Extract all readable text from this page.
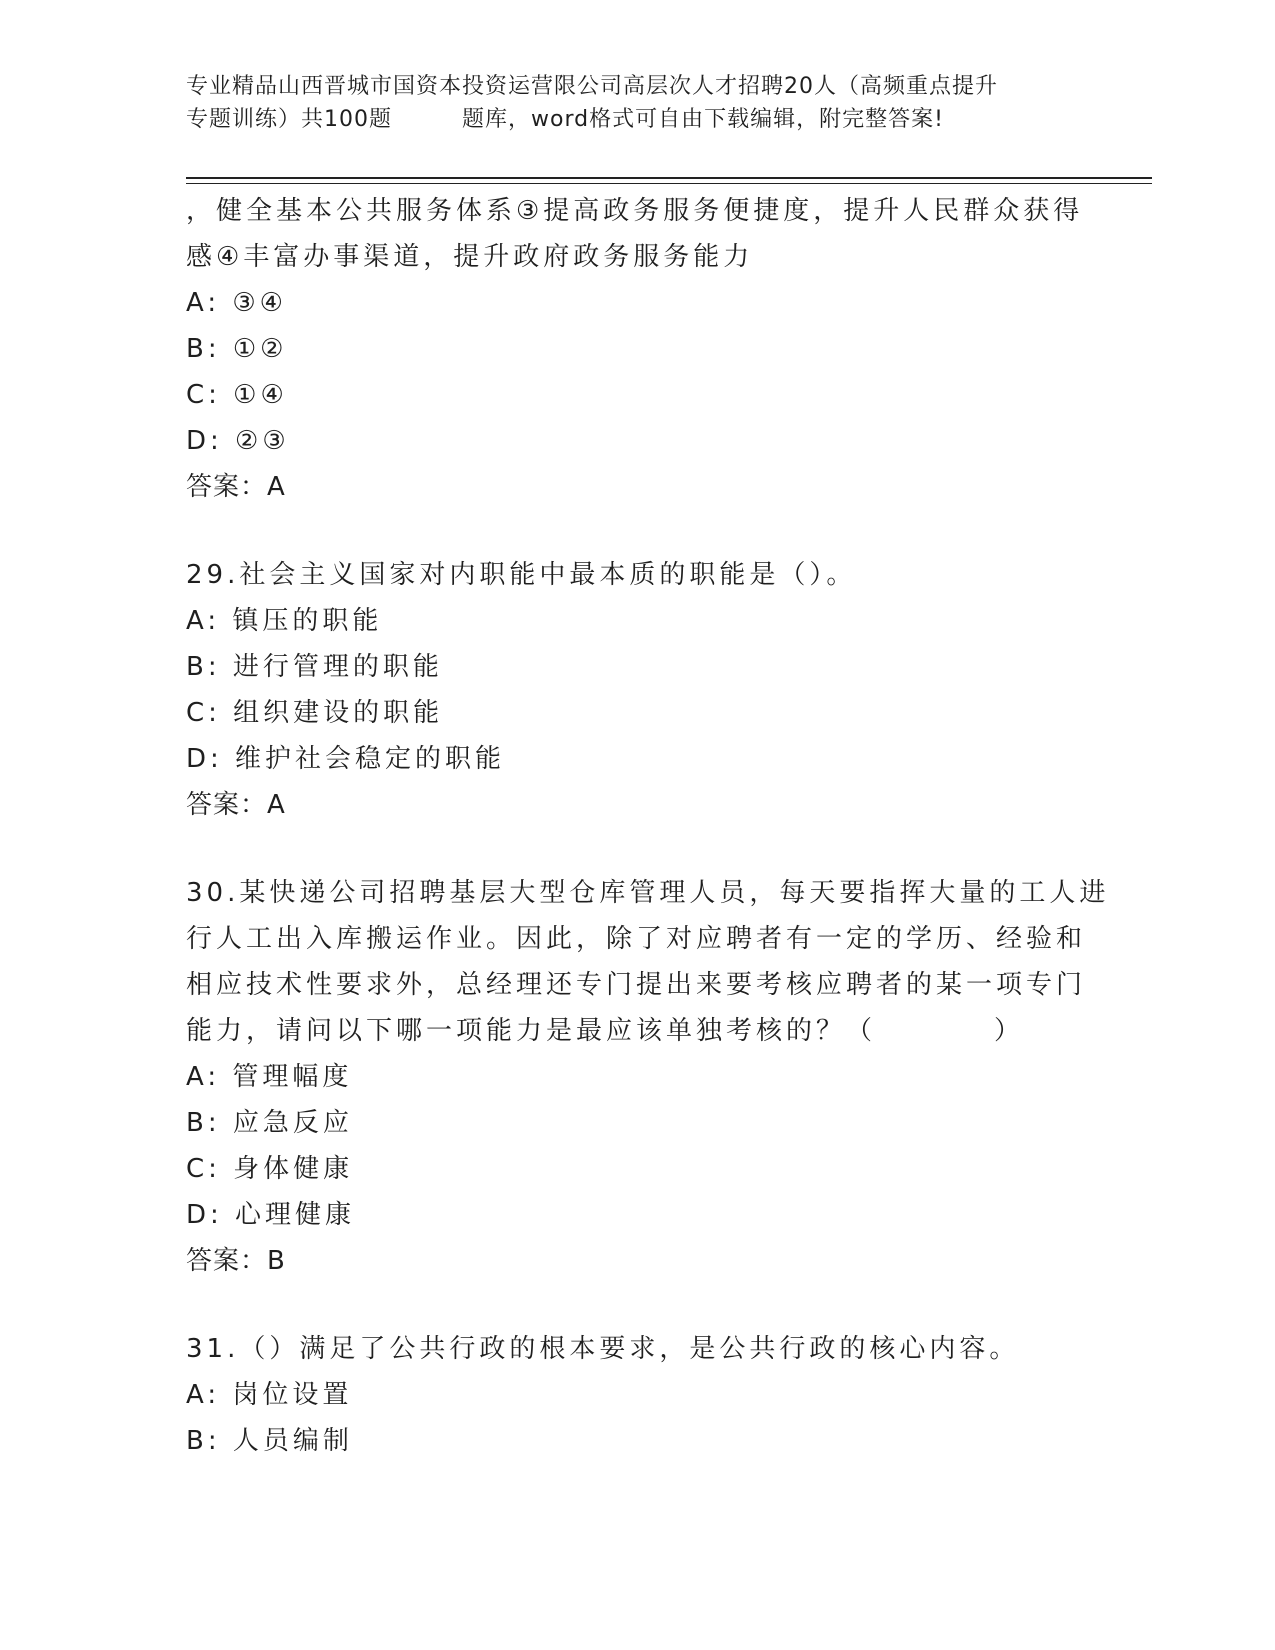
专业精品山西晋城市国资本投资运营限公司高层次人才招聘20人（高频重点提升
专题训练）共100题	题库，word格式可自由下载编辑，附完整答案!
，健全基本公共服务体系③提高政务服务便捷度，提升人民群众获得
感④丰富办事渠道，提升政府政务服务能力
A: ③④
B: ①②
C: ①④
D: ②③
答案：A
29.社会主义国家对内职能中最本质的职能是（）。
A: 镇压的职能
B: 进行管理的职能
C: 组织建设的职能
D: 维护社会稳定的职能
答案：A
30.某快递公司招聘基层大型仓库管理人员，每天要指挥大量的工人进
行人工出入库搬运作业。因此，除了对应聘者有一定的学历、经验和
相应技术性要求外，总经理还专门提出来要考核应聘者的某一项专门
能力，请问以下哪一项能力是最应该单独考核的？（	）
A: 管理幅度
B: 应急反应
C: 身体健康
D: 心理健康
答案：B
31.（）满足了公共行政的根本要求，是公共行政的核心内容。
A: 岗位设置
B: 人员编制
